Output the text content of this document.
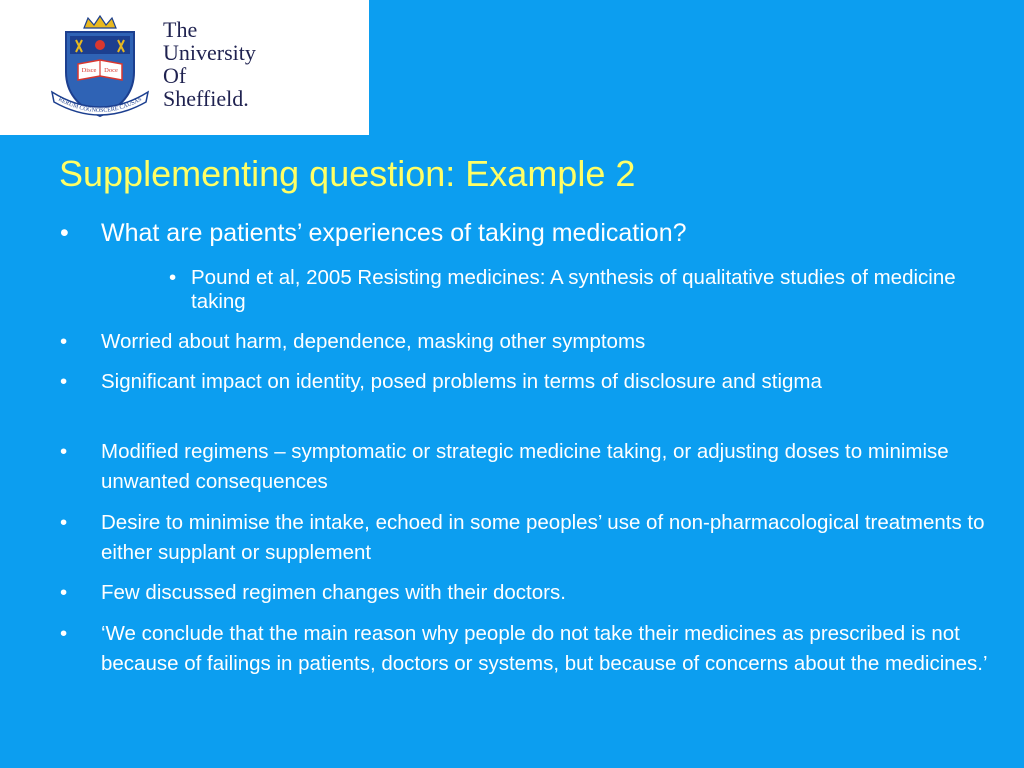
Disce Doce
RERUM COGNOSCERE CAUSAS
The
University
Of
Sheffield.
Supplementing question: Example 2
• What are patients’ experiences of taking medication?
• Pound et al, 2005 Resisting medicines: A synthesis of qualitative studies of medicine taking
• Worried about harm, dependence, masking other symptoms
• Significant impact on identity, posed problems in terms of disclosure and stigma
• Modified regimens – symptomatic or strategic medicine taking, or adjusting doses to minimise unwanted consequences
• Desire to minimise the intake, echoed in some peoples’ use of non-pharmacological treatments to either supplant or supplement
• Few discussed regimen changes with their doctors.
• ‘We conclude that the main reason why people do not take their medicines as prescribed is not because of failings in patients, doctors or systems, but because of concerns about the medicines.’
